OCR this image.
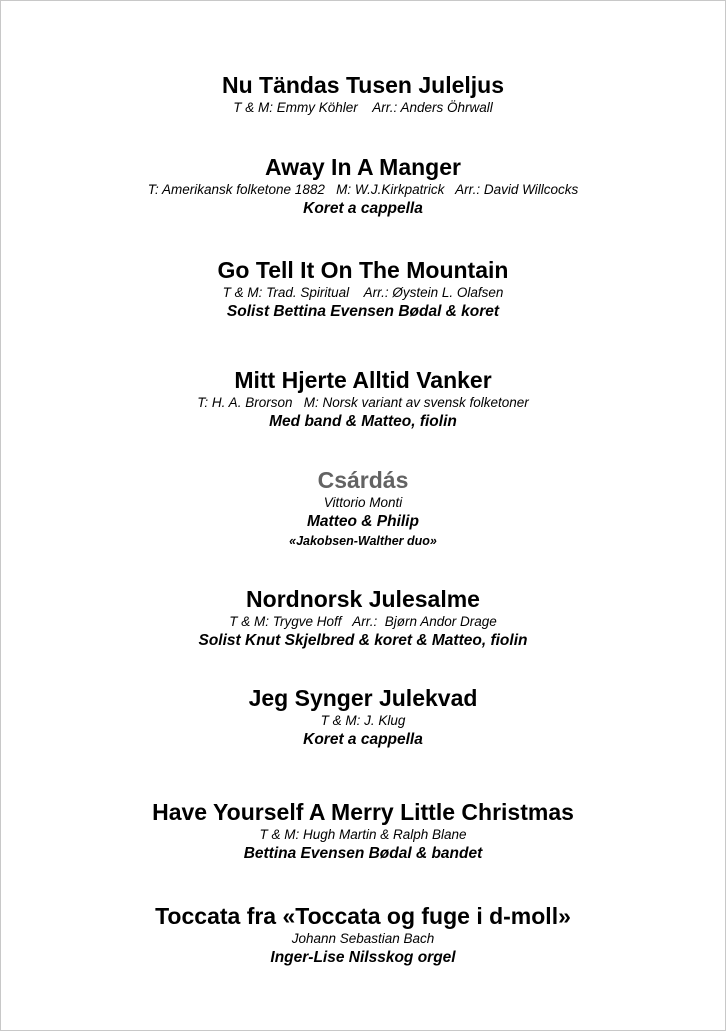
Nu Tändas Tusen Juleljus
T & M: Emmy Köhler    Arr.: Anders Öhrwall
Away In A Manger
T: Amerikansk folketone 1882   M: W.J.Kirkpatrick   Arr.: David Willcocks
Koret a cappella
Go Tell It On The Mountain
T & M: Trad. Spiritual    Arr.: Øystein L. Olafsen
Solist Bettina Evensen Bødal & koret
Mitt Hjerte Alltid Vanker
T: H. A. Brorson   M: Norsk variant av svensk folketoner
Med band & Matteo, fiolin
Csárdás
Vittorio Monti
Matteo & Philip
«Jakobsen-Walther duo»
Nordnorsk Julesalme
T & M: Trygve Hoff   Arr.:  Bjørn Andor Drage
Solist Knut Skjelbred & koret & Matteo, fiolin
Jeg Synger Julekvad
T & M: J. Klug
Koret a cappella
Have Yourself A Merry Little Christmas
T & M: Hugh Martin & Ralph Blane
Bettina Evensen Bødal & bandet
Toccata fra «Toccata og fuge i d-moll»
Johann Sebastian Bach
Inger-Lise Nilsskog orgel
